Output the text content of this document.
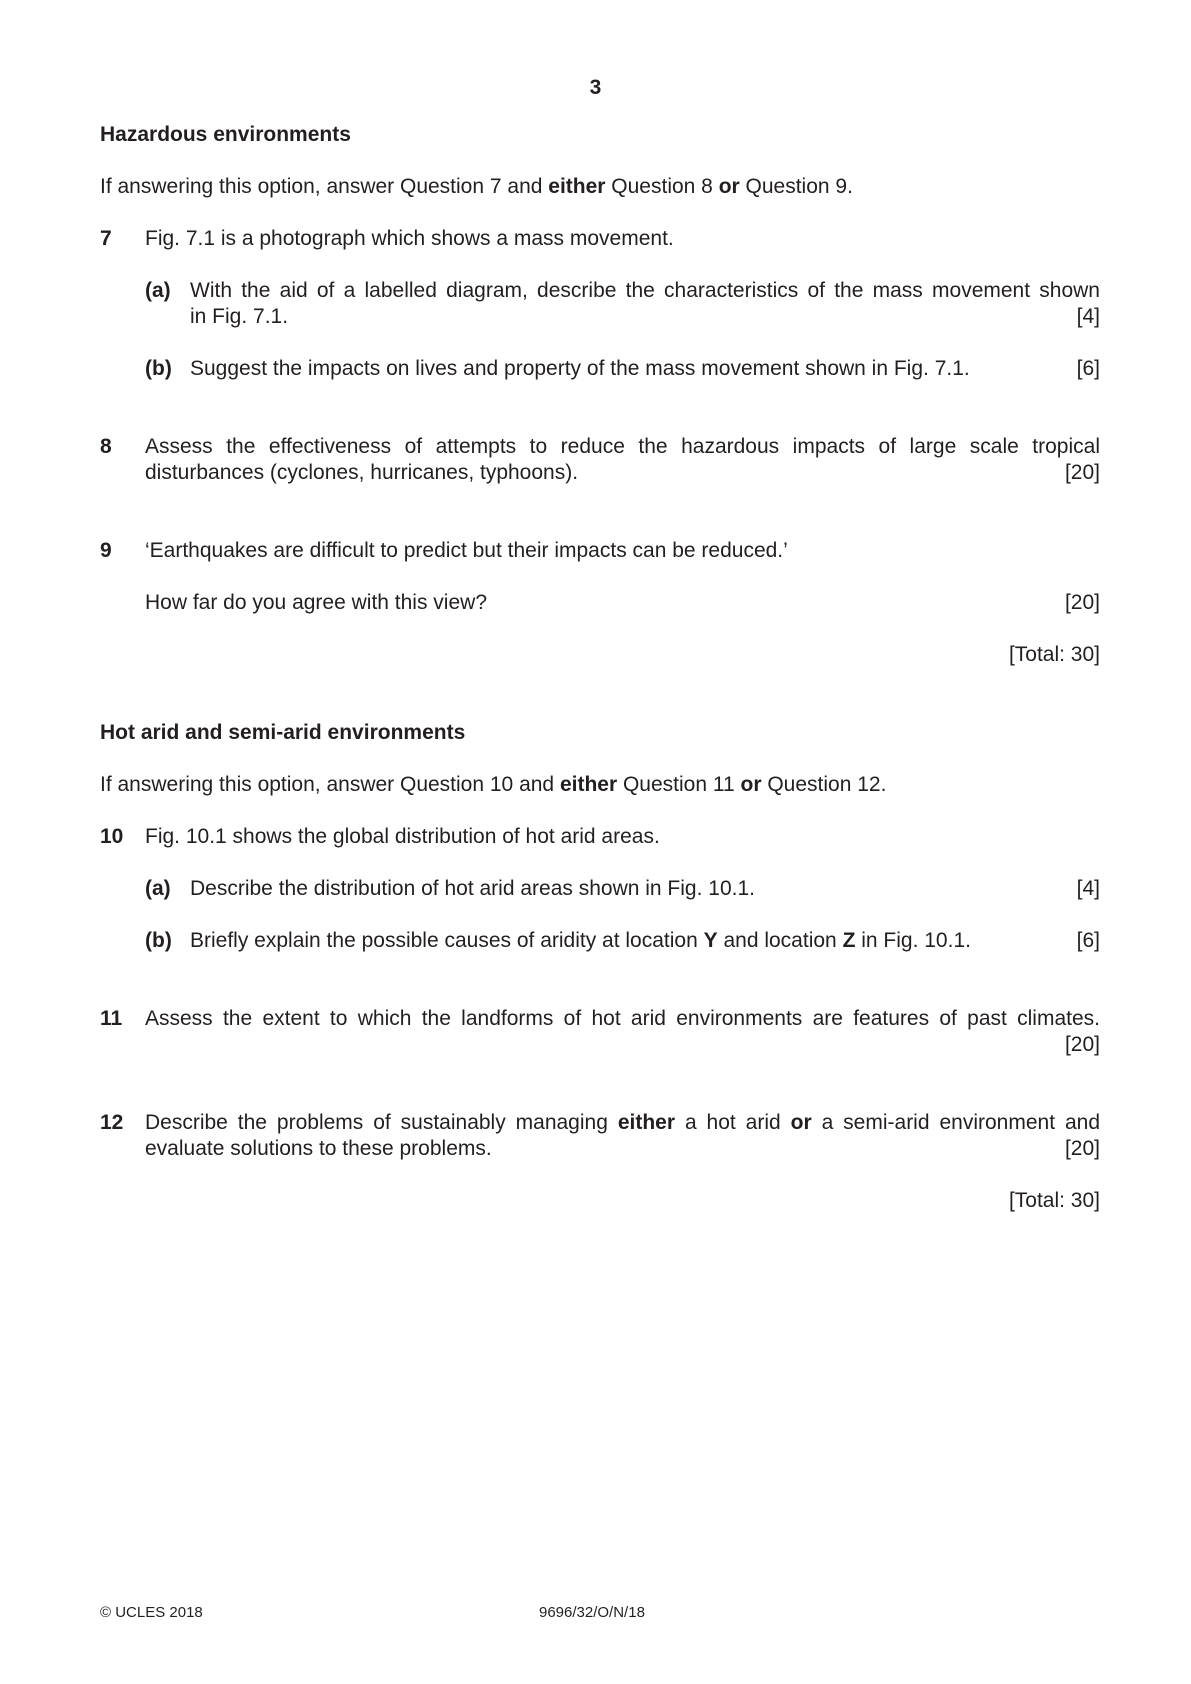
3
Hazardous environments
If answering this option, answer Question 7 and either Question 8 or Question 9.
7 Fig. 7.1 is a photograph which shows a mass movement.
(a) With the aid of a labelled diagram, describe the characteristics of the mass movement shown
in Fig. 7.1.	[4]
(b) Suggest the impacts on lives and property of the mass movement shown in Fig. 7.1.	[6]
8 Assess the effectiveness of attempts to reduce the hazardous impacts of large scale tropical
disturbances (cyclones, hurricanes, typhoons).	[20]
9 ‘Earthquakes are difficult to predict but their impacts can be reduced.’
How far do you agree with this view?	[20]
[Total: 30]
Hot arid and semi-arid environments
If answering this option, answer Question 10 and either Question 11 or Question 12.
10 Fig. 10.1 shows the global distribution of hot arid areas.
(a) Describe the distribution of hot arid areas shown in Fig. 10.1.	[4]
(b) Briefly explain the possible causes of aridity at location Y and location Z in Fig. 10.1.	[6]
11 Assess the extent to which the landforms of hot arid environments are features of past climates.
[20]
12 Describe the problems of sustainably managing either a hot arid or a semi-arid environment and
evaluate solutions to these problems.	[20]
[Total: 30]
© UCLES 2018	9696/32/O/N/18
